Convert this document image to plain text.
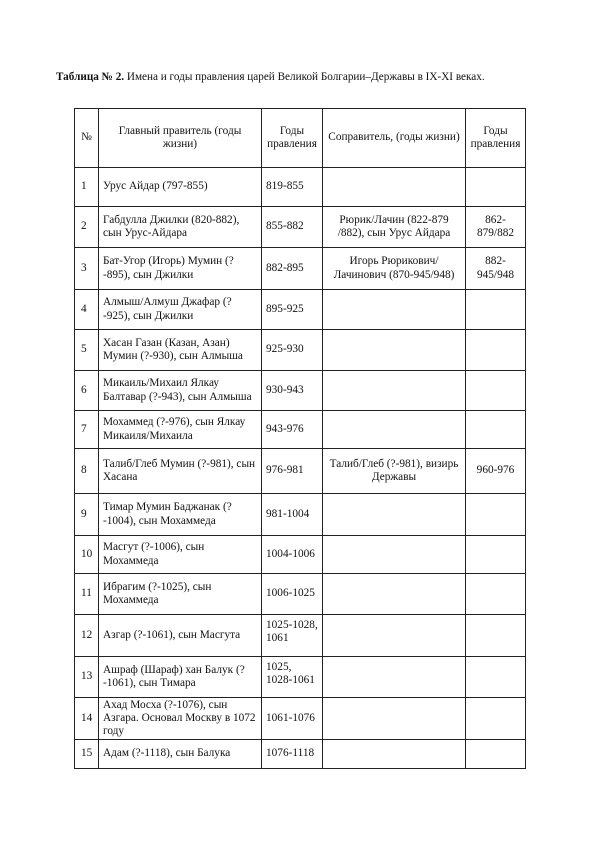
Таблица № 2. Имена и годы правления царей Великой Болгарии–Державы в IX-XI веках.
№	Главный правитель (годы жизни)	Годы правления	Соправитель, (годы жизни)	Годы правления
1	Урус Айдар (797-855)	819-855		
2	Габдулла Джилки (820-882), сын Урус-Айдара	855-882	Рюрик/Лачин (822-879 /882), сын Урус Айдара	862-879/882
3	Бат-Угор (Игорь) Мумин (?-895), сын Джилки	882-895	Игорь Рюрикович/ Лачинович (870-945/948)	882-945/948
4	Алмыш/Алмуш Джафар (?-925), сын Джилки	895-925		
5	Хасан Газан (Казан, Азан) Мумин (?-930), сын Алмыша	925-930		
6	Микаиль/Михаил Ялкау Балтавар (?-943), сын Алмыша	930-943		
7	Мохаммед (?-976), сын Ялкау Микаиля/Михаила	943-976		
8	Талиб/Глеб Мумин (?-981), сын Хасана	976-981	Талиб/Глеб (?-981), визирь Державы	960-976
9	Тимар Мумин Баджанак (?-1004), сын Мохаммеда	981-1004		
10	Масгут (?-1006), сын Мохаммеда	1004-1006		
11	Ибрагим (?-1025), сын Мохаммеда	1006-1025		
12	Азгар (?-1061), сын Масгута	1025-1028, 1061		
13	Ашраф (Шараф) хан Балук (?-1061), сын Тимара	1025, 1028-1061		
14	Ахад Мосха (?-1076), сын Азгара. Основал Москву в 1072 году	1061-1076		
15	Адам (?-1118), сын Балука	1076-1118		
